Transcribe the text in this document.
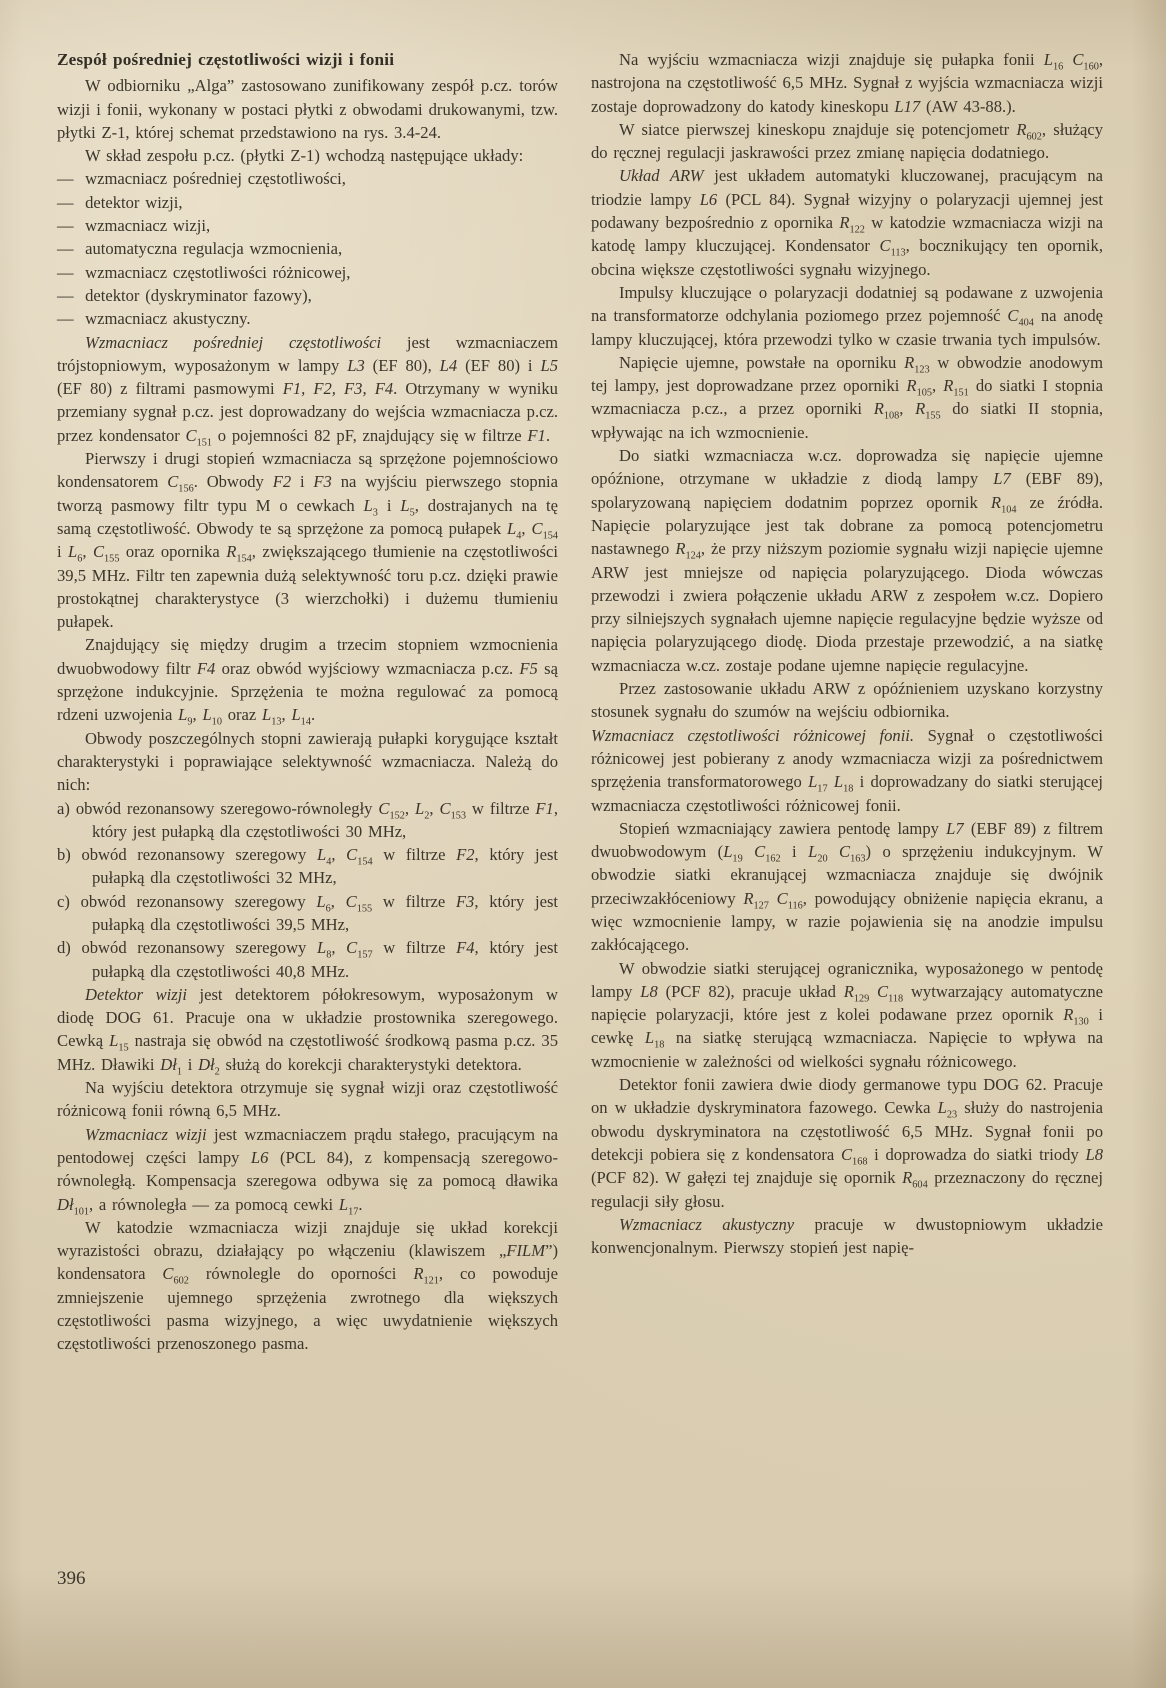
Zespół pośredniej częstotliwości wizji i fonii

W odbiorniku „Alga” zastosowano zunifikowany zespół p.cz. torów wizji i fonii, wykonany w postaci płytki z obwodami drukowanymi, tzw. płytki Z-1, której schemat przedstawiono na rys. 3.4-24.

W skład zespołu p.cz. (płytki Z-1) wchodzą następujące układy:

—  wzmacniacz pośredniej częstotliwości,

—  detektor wizji,

—  wzmacniacz wizji,

—  automatyczna regulacja wzmocnienia,

—  wzmacniacz częstotliwości różnicowej,

—  detektor (dyskryminator fazowy),

—  wzmacniacz akustyczny.

Wzmacniacz pośredniej częstotliwości jest wzmacniaczem trójstopniowym, wyposażonym w lampy L3 (EF 80), L4 (EF 80) i L5 (EF 80) z filtrami pasmowymi F1, F2, F3, F4. Otrzymany w wyniku przemiany sygnał p.cz. jest doprowadzany do wejścia wzmacniacza p.cz. przez kondensator $C_{151}$ o pojemności 82 pF, znajdujący się w filtrze F1.

Pierwszy i drugi stopień wzmacniacza są sprzężone pojemnościowo kondensatorem $C_{156}$. Obwody F2 i F3 na wyjściu pierwszego stopnia tworzą pasmowy filtr typu M o cewkach $L_3$ i $L_5$, dostrajanych na tę samą częstotliwość. Obwody te są sprzężone za pomocą pułapek $L_4$, $C_{154}$ i $L_6$, $C_{155}$ oraz opornika $R_{154}$, zwiększającego tłumienie na częstotliwości 39,5 MHz. Filtr ten zapewnia dużą selektywność toru p.cz. dzięki prawie prostokątnej charakterystyce (3 wierzchołki) i dużemu tłumieniu pułapek.

Znajdujący się między drugim a trzecim stopniem wzmocnienia dwuobwodowy filtr F4 oraz obwód wyjściowy wzmacniacza p.cz. F5 są sprzężone indukcyjnie. Sprzężenia te można regulować za pomocą rdzeni uzwojenia $L_9$, $L_{10}$ oraz $L_{13}$, $L_{14}$.

Obwody poszczególnych stopni zawierają pułapki korygujące kształt charakterystyki i poprawiające selektywność wzmacniacza. Należą do nich:

a) obwód rezonansowy szeregowo-równoległy $C_{152}$, $L_2$, $C_{153}$ w filtrze F1, który jest pułapką dla częstotliwości 30 MHz,

b) obwód rezonansowy szeregowy $L_4$, $C_{154}$ w filtrze F2, który jest pułapką dla częstotliwości 32 MHz,

c) obwód rezonansowy szeregowy $L_6$, $C_{155}$ w filtrze F3, który jest pułapką dla częstotliwości 39,5 MHz,

d) obwód rezonansowy szeregowy $L_8$, $C_{157}$ w filtrze F4, który jest pułapką dla częstotliwości 40,8 MHz.

Detektor wizji jest detektorem półokresowym, wyposażonym w diodę DOG 61. Pracuje ona w układzie prostownika szeregowego. Cewką $L_{15}$ nastraja się obwód na częstotliwość środkową pasma p.cz. 35 MHz. Dławiki $Dł_1$ i $Dł_2$ służą do korekcji charakterystyki detektora.

Na wyjściu detektora otrzymuje się sygnał wizji oraz częstotliwość różnicową fonii równą 6,5 MHz.

Wzmacniacz wizji jest wzmacniaczem prądu stałego, pracującym na pentodowej części lampy L6 (PCL 84), z kompensacją szeregowo-równoległą. Kompensacja szeregowa odbywa się za pomocą dławika $Dł_{101}$, a równoległa — za pomocą cewki $L_{17}$.

W katodzie wzmacniacza wizji znajduje się układ korekcji wyrazistości obrazu, działający po włączeniu (klawiszem „FILM”) kondensatora $C_{602}$ równolegle do oporności $R_{121}$, co powoduje zmniejszenie ujemnego sprzężenia zwrotnego dla większych częstotliwości pasma wizyjnego, a więc uwydatnienie większych częstotliwości przenoszonego pasma.

Na wyjściu wzmacniacza wizji znajduje się pułapka fonii $L_{16}$ $C_{160}$, nastrojona na częstotliwość 6,5 MHz. Sygnał z wyjścia wzmacniacza wizji zostaje doprowadzony do katody kineskopu L17 (AW 43-88.).

W siatce pierwszej kineskopu znajduje się potencjometr $R_{602}$, służący do ręcznej regulacji jaskrawości przez zmianę napięcia dodatniego.

Układ ARW jest układem automatyki kluczowanej, pracującym na triodzie lampy L6 (PCL 84). Sygnał wizyjny o polaryzacji ujemnej jest podawany bezpośrednio z opornika $R_{122}$ w katodzie wzmacniacza wizji na katodę lampy kluczującej. Kondensator $C_{113}$, bocznikujący ten opornik, obcina większe częstotliwości sygnału wizyjnego.

Impulsy kluczujące o polaryzacji dodatniej są podawane z uzwojenia na transformatorze odchylania poziomego przez pojemność $C_{404}$ na anodę lampy kluczującej, która przewodzi tylko w czasie trwania tych impulsów.

Napięcie ujemne, powstałe na oporniku $R_{123}$ w obwodzie anodowym tej lampy, jest doprowadzane przez oporniki $R_{105}$, $R_{151}$ do siatki I stopnia wzmacniacza p.cz., a przez oporniki $R_{108}$, $R_{155}$ do siatki II stopnia, wpływając na ich wzmocnienie.

Do siatki wzmacniacza w.cz. doprowadza się napięcie ujemne opóźnione, otrzymane w układzie z diodą lampy L7 (EBF 89), spolaryzowaną napięciem dodatnim poprzez opornik $R_{104}$ ze źródła. Napięcie polaryzujące jest tak dobrane za pomocą potencjometru nastawnego $R_{124}$, że przy niższym poziomie sygnału wizji napięcie ujemne ARW jest mniejsze od napięcia polaryzującego. Dioda wówczas przewodzi i zwiera połączenie układu ARW z zespołem w.cz. Dopiero przy silniejszych sygnałach ujemne napięcie regulacyjne będzie wyższe od napięcia polaryzującego diodę. Dioda przestaje przewodzić, a na siatkę wzmacniacza w.cz. zostaje podane ujemne napięcie regulacyjne.

Przez zastosowanie układu ARW z opóźnieniem uzyskano korzystny stosunek sygnału do szumów na wejściu odbiornika.

Wzmacniacz częstotliwości różnicowej fonii. Sygnał o częstotliwości różnicowej jest pobierany z anody wzmacniacza wizji za pośrednictwem sprzężenia transformatorowego $L_{17}$ $L_{18}$ i doprowadzany do siatki sterującej wzmacniacza częstotliwości różnicowej fonii.

Stopień wzmacniający zawiera pentodę lampy L7 (EBF 89) z filtrem dwuobwodowym ($L_{19}$ $C_{162}$ i $L_{20}$ $C_{163}$) o sprzężeniu indukcyjnym. W obwodzie siatki ekranującej wzmacniacza znajduje się dwójnik przeciwzakłóceniowy $R_{127}$ $C_{116}$, powodujący obniżenie napięcia ekranu, a więc wzmocnienie lampy, w razie pojawienia się na anodzie impulsu zakłócającego.

W obwodzie siatki sterującej ogranicznika, wyposażonego w pentodę lampy L8 (PCF 82), pracuje układ $R_{129}$ $C_{118}$ wytwarzający automatyczne napięcie polaryzacji, które jest z kolei podawane przez opornik $R_{130}$ i cewkę $L_{18}$ na siatkę sterującą wzmacniacza. Napięcie to wpływa na wzmocnienie w zależności od wielkości sygnału różnicowego.

Detektor fonii zawiera dwie diody germanowe typu DOG 62. Pracuje on w układzie dyskryminatora fazowego. Cewka $L_{23}$ służy do nastrojenia obwodu dyskryminatora na częstotliwość 6,5 MHz. Sygnał fonii po detekcji pobiera się z kondensatora $C_{168}$ i doprowadza do siatki triody L8 (PCF 82). W gałęzi tej znajduje się opornik $R_{604}$ przeznaczony do ręcznej regulacji siły głosu.

Wzmacniacz akustyczny pracuje w dwustopniowym układzie konwencjonalnym. Pierwszy stopień jest napię-

396
